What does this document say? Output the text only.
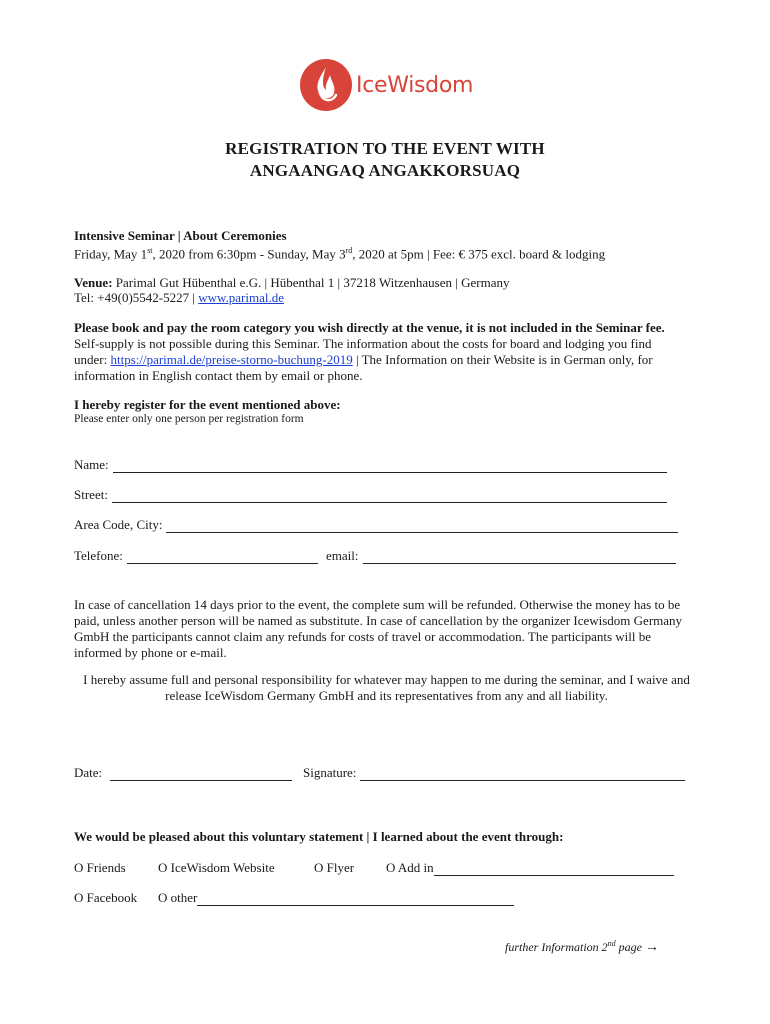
IceWisdom
REGISTRATION TO THE EVENT WITH
ANGAANGAQ ANGAKKORSUAQ
Intensive Seminar | About Ceremonies
Friday, May 1st, 2020 from 6:30pm - Sunday, May 3rd, 2020 at 5pm | Fee: € 375 excl. board & lodging
Venue: Parimal Gut Hübenthal e.G. | Hübenthal 1 | 37218 Witzenhausen | Germany
Tel: +49(0)5542-5227 | www.parimal.de
Please book and pay the room category you wish directly at the venue, it is not included in the Seminar fee. Self-supply is not possible during this Seminar. The information about the costs for board and lodging you find under: https://parimal.de/preise-storno-buchung-2019 | The Information on their Website is in German only, for information in English contact them by email or phone.
I hereby register for the event mentioned above:
Please enter only one person per registration form
Name:
Street:
Area Code, City:
Telefone:	email:
In case of cancellation 14 days prior to the event, the complete sum will be refunded. Otherwise the money has to be paid, unless another person will be named as substitute. In case of cancellation by the organizer Icewisdom Germany GmbH the participants cannot claim any refunds for costs of travel or accommodation. The participants will be informed by phone or e-mail.
I hereby assume full and personal responsibility for whatever may happen to me during the seminar, and I waive and release IceWisdom Germany GmbH and its representatives from any and all liability.
Date:	Signature:
We would be pleased about this voluntary statement | I learned about the event through:
O Friends O IceWisdom Website	O Flyer O Add in
O Facebook O other
further Information 2nd page →
